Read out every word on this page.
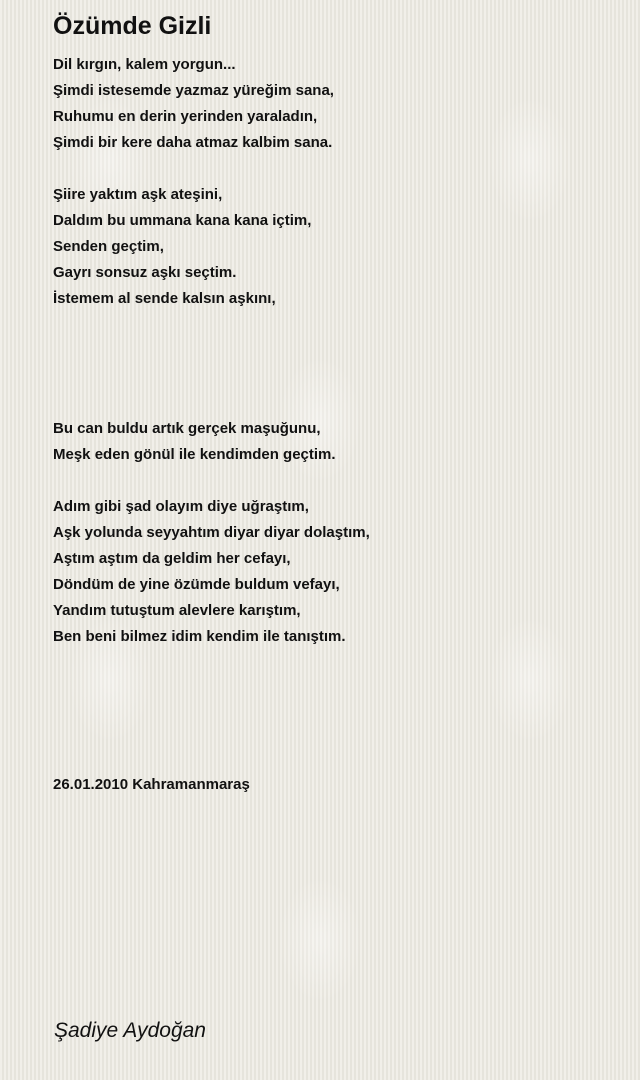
Özümde Gizli
Dil kırgın, kalem yorgun...
Şimdi istesemde yazmaz yüreğim sana,
Ruhumu en derin yerinden yaraladın,
Şimdi bir kere daha atmaz kalbim sana.
Şiire yaktım aşk ateşini,
Daldım bu ummana kana kana içtim,
Senden geçtim,
Gayrı sonsuz aşkı seçtim.
İstemem al sende kalsın aşkını,
Bu can buldu artık gerçek maşuğunu,
Meşk eden gönül ile kendimden geçtim.
Adım gibi şad olayım diye uğraştım,
Aşk yolunda seyyahtım diyar diyar dolaştım,
Aştım aştım da geldim her cefayı,
Döndüm de yine özümde buldum vefayı,
Yandım tutuştum alevlere karıştım,
Ben beni bilmez idim kendim ile tanıştım.
26.01.2010 Kahramanmaraş
Şadiye Aydoğan
